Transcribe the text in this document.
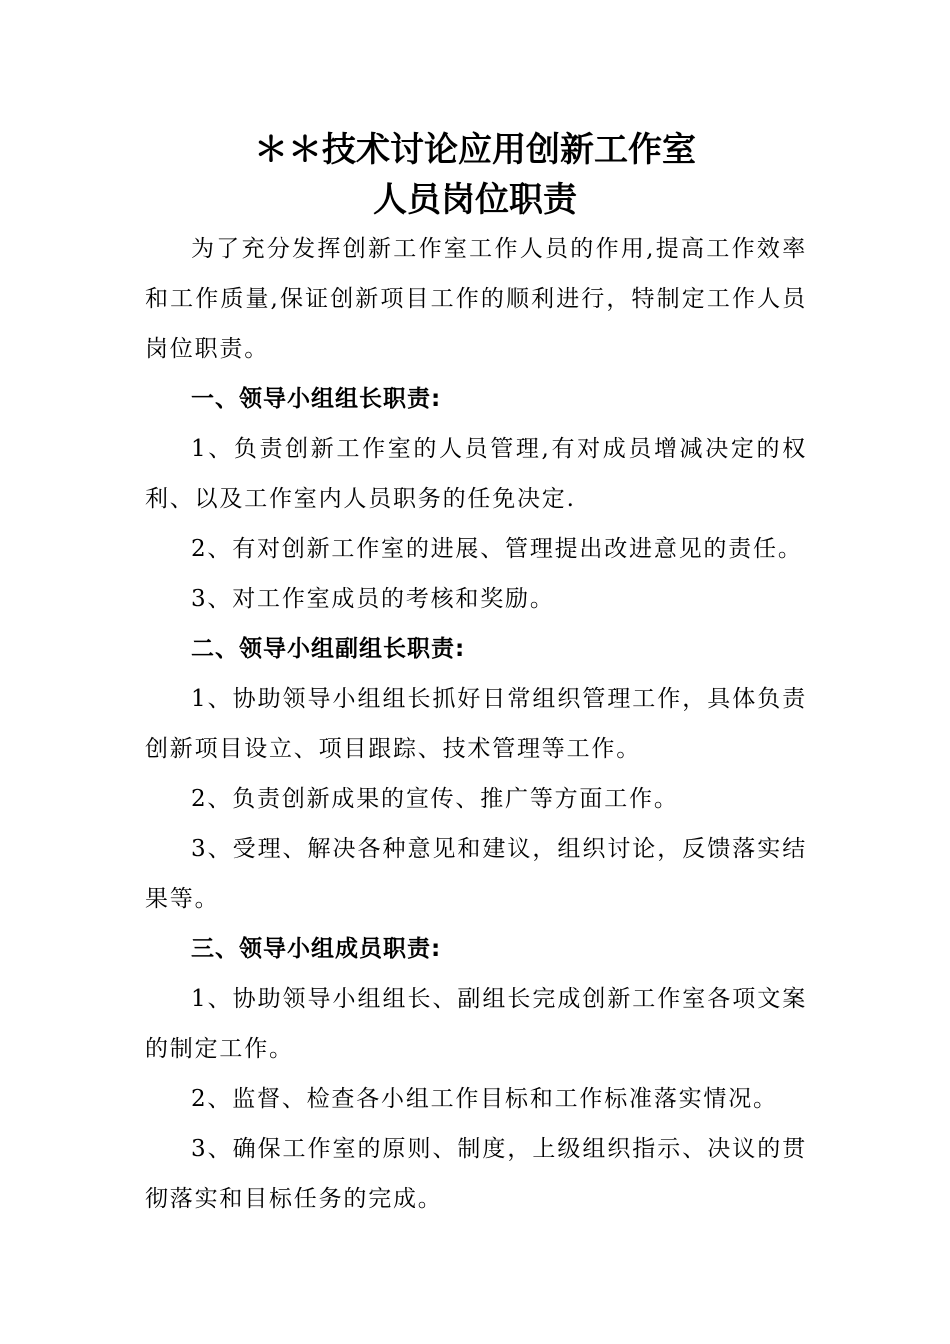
＊＊技术讨论应用创新工作室
人员岗位职责

为了充分发挥创新工作室工作人员的作用,提高工作效率和工作质量,保证创新项目工作的顺利进行，特制定工作人员岗位职责。

一、领导小组组长职责:

1、负责创新工作室的人员管理,有对成员增减决定的权利、以及工作室内人员职务的任免决定.

2、有对创新工作室的进展、管理提出改进意见的责任。

3、对工作室成员的考核和奖励。

二、领导小组副组长职责:

1、协助领导小组组长抓好日常组织管理工作，具体负责创新项目设立、项目跟踪、技术管理等工作。

2、负责创新成果的宣传、推广等方面工作。

3、受理、解决各种意见和建议，组织讨论，反馈落实结果等。

三、领导小组成员职责:

1、协助领导小组组长、副组长完成创新工作室各项文案的制定工作。

2、监督、检查各小组工作目标和工作标准落实情况。

3、确保工作室的原则、制度，上级组织指示、决议的贯彻落实和目标任务的完成。
